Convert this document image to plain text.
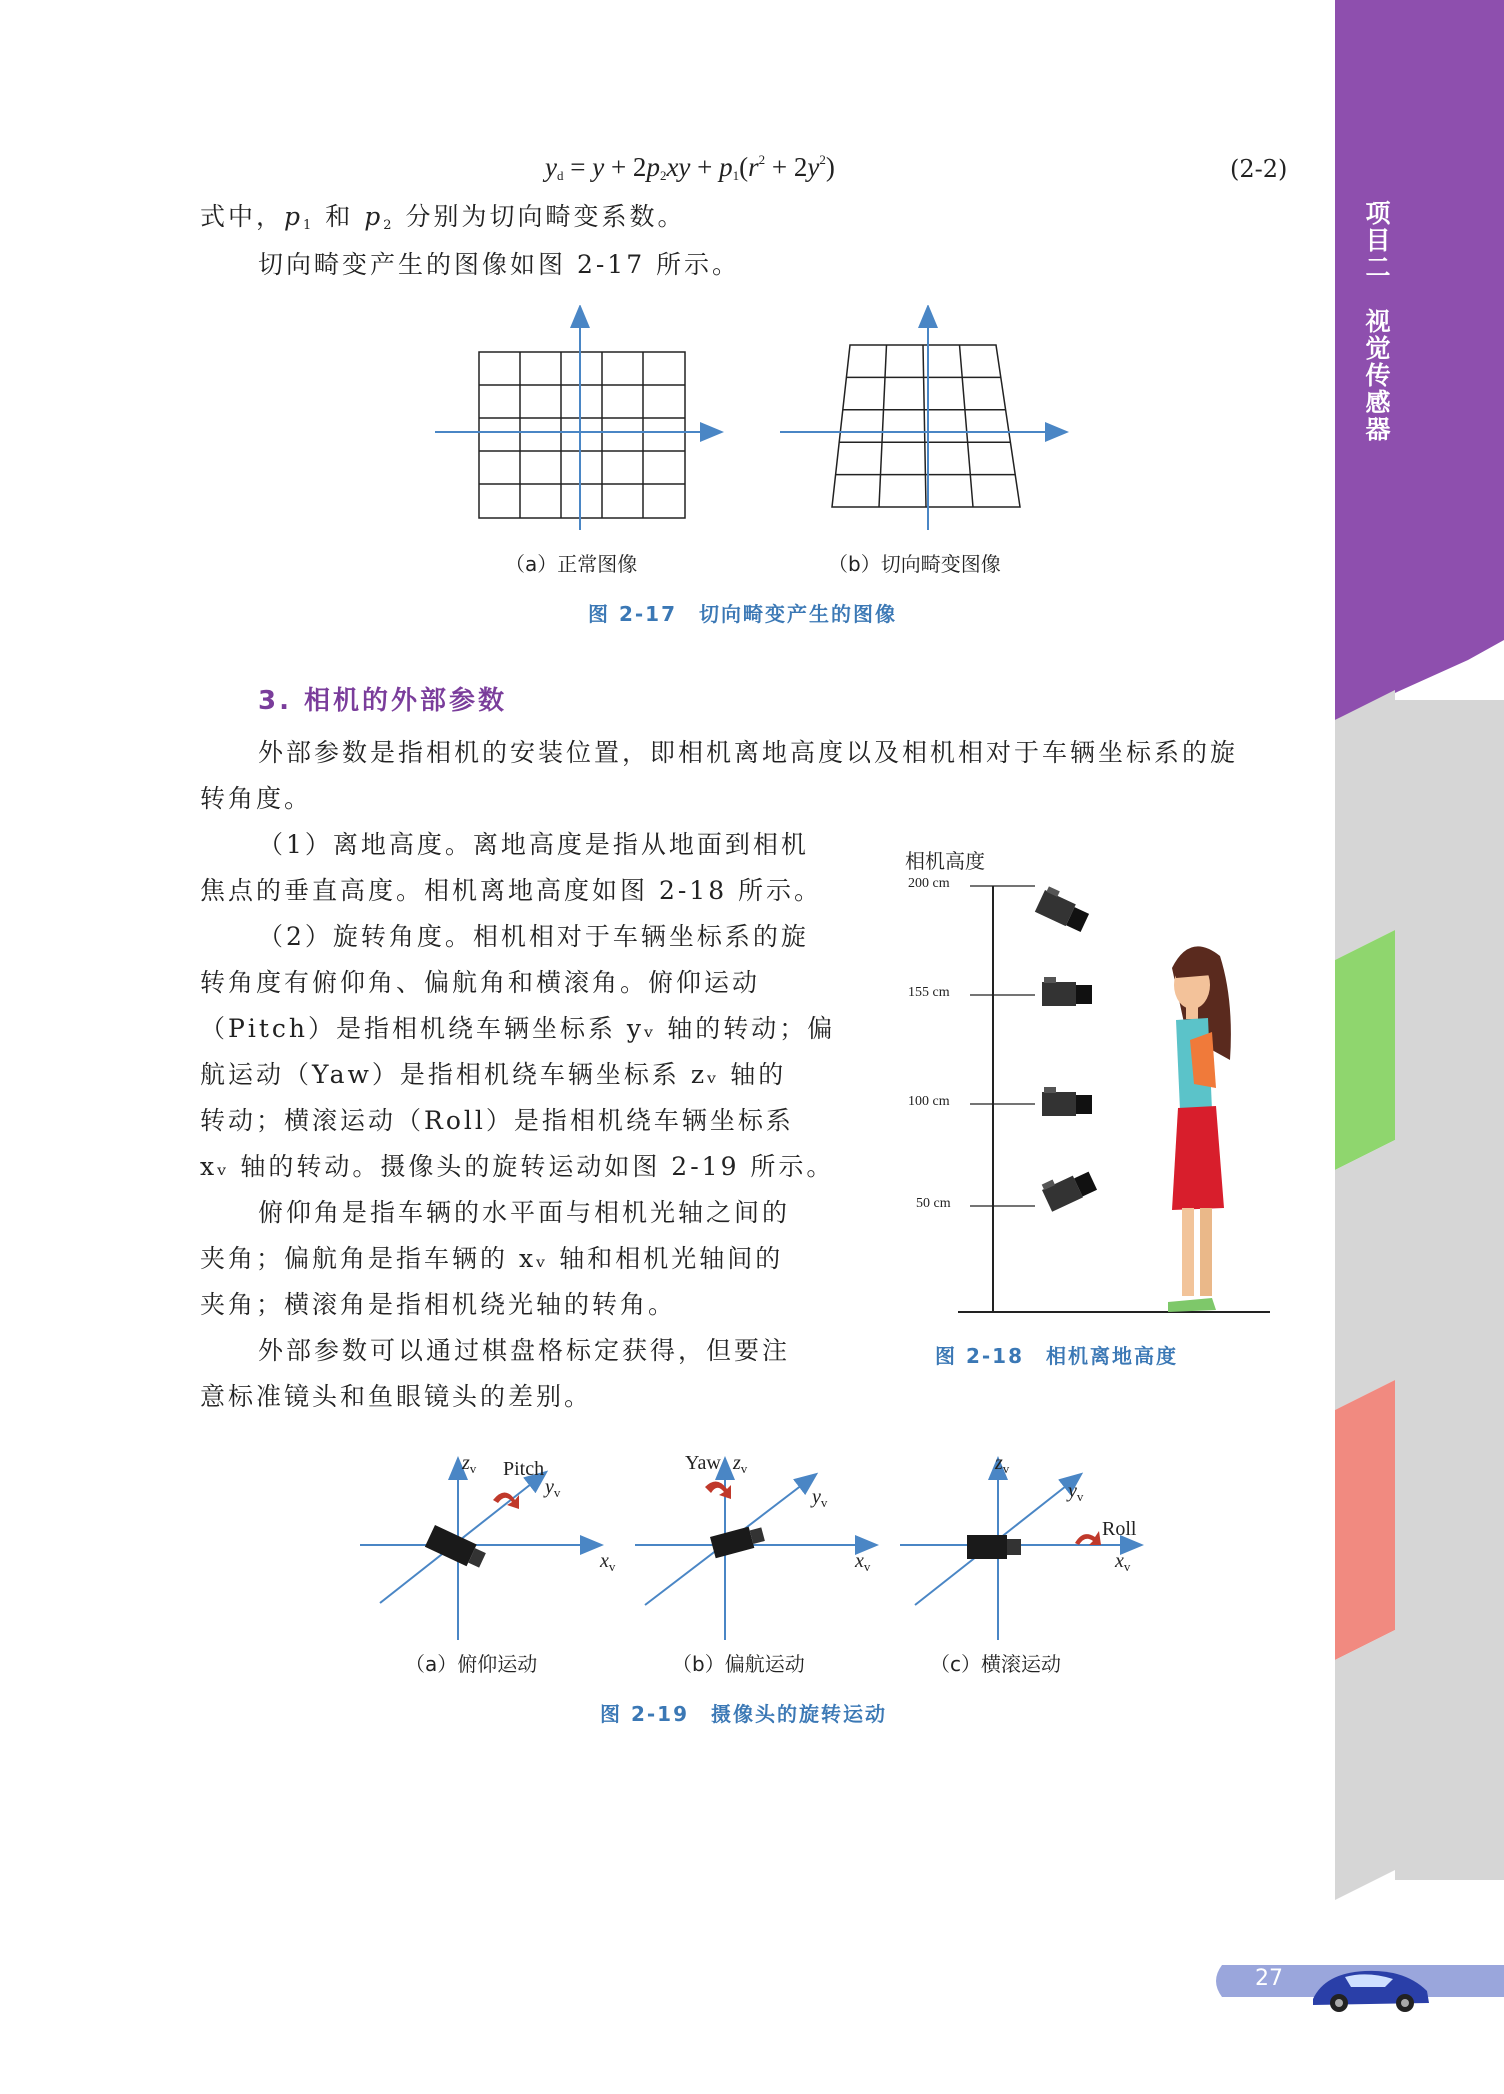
项目二　视觉传感器
$y_d = y + 2p_2xy + p_1(r^2 + 2y^2)$	(2-2)
式中，$p_1$ 和 $p_2$ 分别为切向畸变系数。
切向畸变产生的图像如图 2-17 所示。
（a）正常图像	（b）切向畸变图像
图 2-17　切向畸变产生的图像
3. 相机的外部参数
外部参数是指相机的安装位置，即相机离地高度以及相机相对于车辆坐标系的旋
转角度。
（1）离地高度。离地高度是指从地面到相机
焦点的垂直高度。相机离地高度如图 2-18 所示。
（2）旋转角度。相机相对于车辆坐标系的旋
转角度有俯仰角、偏航角和横滚角。俯仰运动
（Pitch）是指相机绕车辆坐标系 yᵥ 轴的转动；偏
航运动（Yaw）是指相机绕车辆坐标系 zᵥ 轴的
转动；横滚运动（Roll）是指相机绕车辆坐标系
xᵥ 轴的转动。摄像头的旋转运动如图 2-19 所示。
俯仰角是指车辆的水平面与相机光轴之间的
夹角；偏航角是指车辆的 xᵥ 轴和相机光轴间的
夹角；横滚角是指相机绕光轴的转角。
外部参数可以通过棋盘格标定获得，但要注
意标准镜头和鱼眼镜头的差别。
相机高度
200 cm
155 cm
100 cm
50 cm
图 2-18　相机离地高度
$z_v$ Pitch
$y_v$
$x_v$
Yaw $z_v$
$y_v$
$x_v$
$z_v$
$y_v$
Roll
$x_v$
（a）俯仰运动	（b）偏航运动	（c）横滚运动
图 2-19　摄像头的旋转运动
27
